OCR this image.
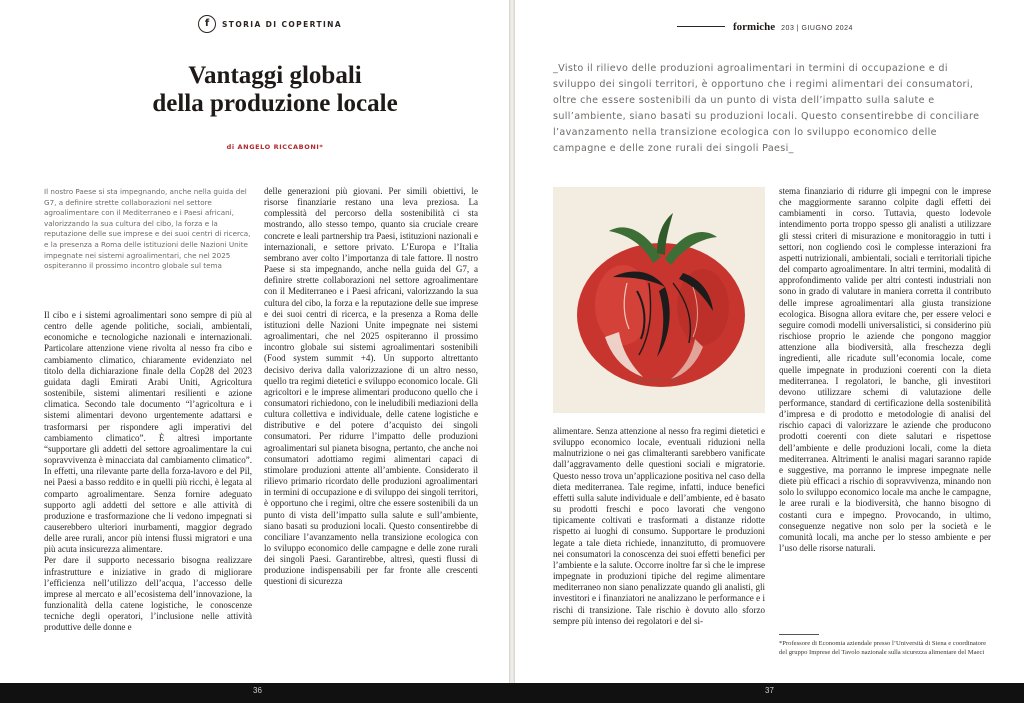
f STORIA DI COPERTINA
Vantaggi globali
della produzione locale
di ANGELO RICCABONI*
Il nostro Paese si sta impegnando, anche nella guida del G7, a definire strette collaborazioni nel settore agroalimentare con il Mediterraneo e i Paesi africani, valorizzando la sua cultura del cibo, la forza e la reputazione delle sue imprese e dei suoi centri di ricerca, e la presenza a Roma delle istituzioni delle Nazioni Unite impegnate nei sistemi agroalimentari, che nel 2025 ospiteranno il prossimo incontro globale sul tema

Il cibo e i sistemi agroalimentari sono sempre di più al centro delle agende politiche, sociali, ambientali, economiche e tecnologiche nazionali e internazionali. Particolare attenzione viene rivolta al nesso fra cibo e cambiamento climatico, chiaramente evidenziato nel titolo della dichiarazione finale della Cop28 del 2023 guidata dagli Emirati Arabi Uniti, Agricoltura sostenibile, sistemi alimentari resilienti e azione climatica. Secondo tale documento “l’agricoltura e i sistemi alimentari devono urgentemente adattarsi e trasformarsi per rispondere agli imperativi del cambiamento climatico”. È altresì importante “supportare gli addetti del settore agroalimentare la cui sopravvivenza è minacciata dal cambiamento climatico”. In effetti, una rilevante parte della forza-lavoro e del Pil, nei Paesi a basso reddito e in quelli più ricchi, è legata al comparto agroalimentare. Senza fornire adeguato supporto agli addetti del settore e alle attività di produzione e trasformazione che li vedono impegnati si causerebbero ulteriori inurbamenti, maggior degrado delle aree rurali, ancor più intensi flussi migratori e una più acuta insicurezza alimentare.

Per dare il supporto necessario bisogna realizzare infrastrutture e iniziative in grado di migliorare l’efficienza nell’utilizzo dell’acqua, l’accesso delle imprese al mercato e all’ecosistema dell’innovazione, la funzionalità della catene logistiche, le conoscenze tecniche degli operatori, l’inclusione nelle attività produttive delle donne e

delle generazioni più giovani. Per simili obiettivi, le risorse finanziarie restano una leva preziosa. La complessità del percorso della sostenibilità ci sta mostrando, allo stesso tempo, quanto sia cruciale creare concrete e leali partnership tra Paesi, istituzioni nazionali e internazionali, e settore privato. L’Europa e l’Italia sembrano aver colto l’importanza di tale fattore. Il nostro Paese si sta impegnando, anche nella guida del G7, a definire strette collaborazioni nel settore agroalimentare con il Mediterraneo e i Paesi africani, valorizzando la sua cultura del cibo, la forza e la reputazione delle sue imprese e dei suoi centri di ricerca, e la presenza a Roma delle istituzioni delle Nazioni Unite impegnate nei sistemi agroalimentari, che nel 2025 ospiteranno il prossimo incontro globale sui sistemi agroalimentari sostenibili (Food system summit +4). Un supporto altrettanto decisivo deriva dalla valorizzazione di un altro nesso, quello tra regimi dietetici e sviluppo economico locale. Gli agricoltori e le imprese alimentari producono quello che i consumatori richiedono, con le ineludibili mediazioni della cultura collettiva e individuale, delle catene logistiche e distributive e del potere d’acquisto dei singoli consumatori. Per ridurre l’impatto delle produzioni agroalimentari sul pianeta bisogna, pertanto, che anche noi consumatori adottiamo regimi alimentari capaci di stimolare produzioni attente all’ambiente. Considerato il rilievo primario ricordato delle produzioni agroalimentari in termini di occupazione e di sviluppo dei singoli territori, è opportuno che i regimi, oltre che essere sostenibili da un punto di vista dell’impatto sulla salute e sull’ambiente, siano basati su produzioni locali. Questo consentirebbe di conciliare l’avanzamento nella transizione ecologica con lo sviluppo economico delle campagne e delle zone rurali dei singoli Paesi. Garantirebbe, altresì, questi flussi di produzione indispensabili per far fronte alle crescenti questioni di sicurezza

formiche 203 | GIUGNO 2024
_Visto il rilievo delle produzioni agroalimentari in termini di occupazione e di sviluppo dei singoli territori, è opportuno che i regimi alimentari dei consumatori, oltre che essere sostenibili da un punto di vista dell’impatto sulla salute e sull’ambiente, siano basati su produzioni locali. Questo consentirebbe di conciliare l’avanzamento nella transizione ecologica con lo sviluppo economico delle campagne e delle zone rurali dei singoli Paesi_
glocal red

alimentare. Senza attenzione al nesso fra regimi dietetici e sviluppo economico locale, eventuali riduzioni nella malnutrizione o nei gas climalteranti sarebbero vanificate dall’aggravamento delle questioni sociali e migratorie. Questo nesso trova un’applicazione positiva nel caso della dieta mediterranea. Tale regime, infatti, induce benefici effetti sulla salute individuale e dell’ambiente, ed è basato su prodotti freschi e poco lavorati che vengono tipicamente coltivati e trasformati a distanze ridotte rispetto ai luoghi di consumo. Supportare le produzioni legate a tale dieta richiede, innanzitutto, di promuovere nei consumatori la conoscenza dei suoi effetti benefici per l’ambiente e la salute. Occorre inoltre far sì che le imprese impegnate in produzioni tipiche del regime alimentare mediterraneo non siano penalizzate quando gli analisti, gli investitori e i finanziatori ne analizzano le performance e i rischi di transizione. Tale rischio è dovuto allo sforzo sempre più intenso dei regolatori e del si-

stema finanziario di ridurre gli impegni con le imprese che maggiormente saranno colpite dagli effetti dei cambiamenti in corso. Tuttavia, questo lodevole intendimento porta troppo spesso gli analisti a utilizzare gli stessi criteri di misurazione e monitoraggio in tutti i settori, non cogliendo così le complesse interazioni fra aspetti nutrizionali, ambientali, sociali e territoriali tipiche del comparto agroalimentare. In altri termini, modalità di approfondimento valide per altri contesti industriali non sono in grado di valutare in maniera corretta il contributo delle imprese agroalimentari alla giusta transizione ecologica. Bisogna allora evitare che, per essere veloci e seguire comodi modelli universalistici, si considerino più rischiose proprio le aziende che pongono maggior attenzione alla biodiversità, alla freschezza degli ingredienti, alle ricadute sull’economia locale, come quelle impegnate in produzioni coerenti con la dieta mediterranea. I regolatori, le banche, gli investitori devono utilizzare schemi di valutazione delle performance, standard di certificazione della sostenibilità d’impresa e di prodotto e metodologie di analisi del rischio capaci di valorizzare le aziende che producono prodotti coerenti con diete salutari e rispettose dell’ambiente e delle produzioni locali, come la dieta mediterranea. Altrimenti le analisi magari saranno rapide e suggestive, ma porranno le imprese impegnate nelle diete più efficaci a rischio di sopravvivenza, minando non solo lo sviluppo economico locale ma anche le campagne, le aree rurali e la biodiversità, che hanno bisogno di costanti cura e impegno. Provocando, in ultimo, conseguenze negative non solo per la società e le comunità locali, ma anche per lo stesso ambiente e per l’uso delle risorse naturali.

*Professore di Economia aziendale presso l’Università di Siena e coordinatore del gruppo Imprese del Tavolo nazionale sulla sicurezza alimentare del Maeci
36	37
